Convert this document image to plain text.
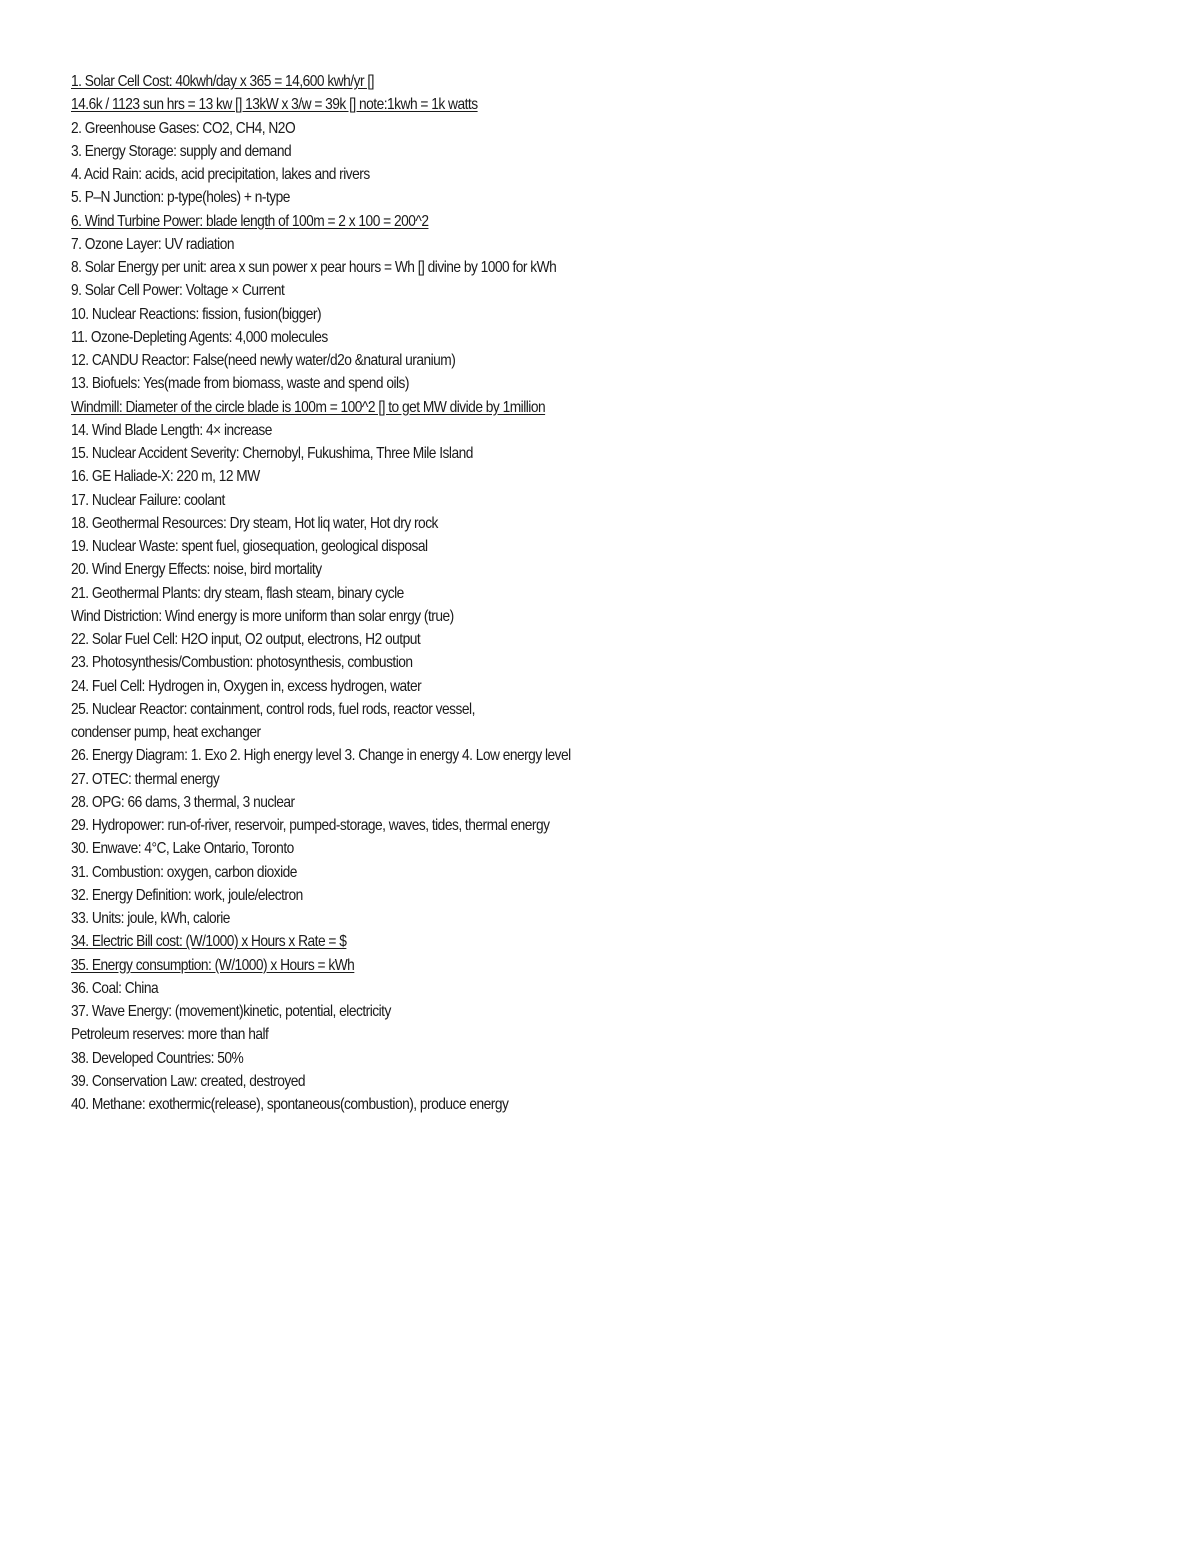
1. Solar Cell Cost: 40kwh/day x 365 = 14,600 kwh/yr []
14.6k / 1123 sun hrs = 13 kw [] 13kW x 3/w = 39k [] note:1kwh = 1k watts
2. Greenhouse Gases: CO2, CH4, N2O
3. Energy Storage: supply and demand
4. Acid Rain: acids, acid precipitation, lakes and rivers
5. P–N Junction: p-type(holes) + n-type
6. Wind Turbine Power: blade length of 100m = 2 x 100 = 200^2
7. Ozone Layer: UV radiation
8. Solar Energy per unit: area x sun power x pear hours = Wh [] divine by 1000 for kWh
9. Solar Cell Power: Voltage × Current
10. Nuclear Reactions: fission, fusion(bigger)
11. Ozone-Depleting Agents: 4,000 molecules
12. CANDU Reactor: False(need newly water/d2o &natural uranium)
13. Biofuels: Yes(made from biomass, waste and spend oils)
Windmill: Diameter of the circle blade is 100m = 100^2 [] to get MW divide by 1million
14. Wind Blade Length: 4× increase
15. Nuclear Accident Severity: Chernobyl, Fukushima, Three Mile Island
16. GE Haliade-X: 220 m, 12 MW
17. Nuclear Failure: coolant
18. Geothermal Resources: Dry steam, Hot liq water, Hot dry rock
19. Nuclear Waste: spent fuel, giosequation, geological disposal
20. Wind Energy Effects: noise, bird mortality
21. Geothermal Plants: dry steam, flash steam, binary cycle
Wind Distriction: Wind energy is more uniform than solar enrgy (true)
22. Solar Fuel Cell: H2O input, O2 output, electrons, H2 output
23. Photosynthesis/Combustion: photosynthesis, combustion
24. Fuel Cell: Hydrogen in, Oxygen in, excess hydrogen, water
25. Nuclear Reactor: containment, control rods, fuel rods, reactor vessel,
condenser pump, heat exchanger
26. Energy Diagram: 1. Exo 2. High energy level 3. Change in energy 4. Low energy level
27. OTEC: thermal energy
28. OPG: 66 dams, 3 thermal, 3 nuclear
29. Hydropower: run-of-river, reservoir, pumped-storage, waves, tides, thermal energy
30. Enwave: 4°C, Lake Ontario, Toronto
31. Combustion: oxygen, carbon dioxide
32. Energy Definition: work, joule/electron
33. Units: joule, kWh, calorie
34. Electric Bill cost: (W/1000) x Hours x Rate = $
35. Energy consumption: (W/1000) x Hours = kWh
36. Coal: China
37. Wave Energy: (movement)kinetic, potential, electricity
Petroleum reserves: more than half
38. Developed Countries: 50%
39. Conservation Law: created, destroyed
40. Methane: exothermic(release), spontaneous(combustion), produce energy
